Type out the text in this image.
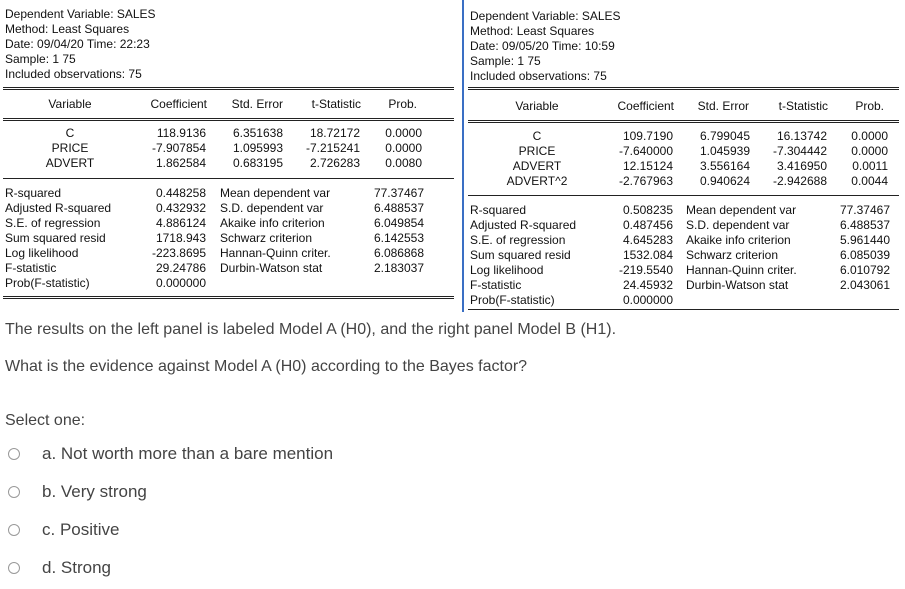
Dependent Variable: SALES
Method: Least Squares
Date: 09/04/20 Time: 22:23
Sample: 1 75
Included observations: 75
Variable	Coefficient	Std. Error	t-Statistic	Prob.
C	118.9136	6.351638	18.72172	0.0000
PRICE	-7.907854	1.095993	-7.215241	0.0000
ADVERT	1.862584	0.683195	2.726283	0.0080
R-squared	0.448258 Mean dependent var	77.37467
Adjusted R-squared	0.432932 S.D. dependent var	6.488537
S.E. of regression	4.886124 Akaike info criterion	6.049854
Sum squared resid	1718.943 Schwarz criterion	6.142553
Log likelihood	-223.8695 Hannan-Quinn criter.	6.086868
F-statistic	29.24786 Durbin-Watson stat	2.183037
Prob(F-statistic)	0.000000
Dependent Variable: SALES
Method: Least Squares
Date: 09/05/20 Time: 10:59
Sample: 1 75
Included observations: 75
Variable	Coefficient	Std. Error	t-Statistic	Prob.
C	109.7190	6.799045	16.13742	0.0000
PRICE	-7.640000	1.045939	-7.304442	0.0000
ADVERT	12.15124	3.556164	3.416950	0.0011
ADVERT^2	-2.767963	0.940624	-2.942688	0.0044
R-squared	0.508235 Mean dependent var	77.37467
Adjusted R-squared	0.487456 S.D. dependent var	6.488537
S.E. of regression	4.645283 Akaike info criterion	5.961440
Sum squared resid	1532.084 Schwarz criterion	6.085039
Log likelihood	-219.5540 Hannan-Quinn criter.	6.010792
F-statistic	24.45932 Durbin-Watson stat	2.043061
Prob(F-statistic)	0.000000
The results on the left panel is labeled Model A (H0), and the right panel Model B (H1).
What is the evidence against Model A (H0) according to the Bayes factor?
Select one:
a. Not worth more than a bare mention
b. Very strong
c. Positive
d. Strong
